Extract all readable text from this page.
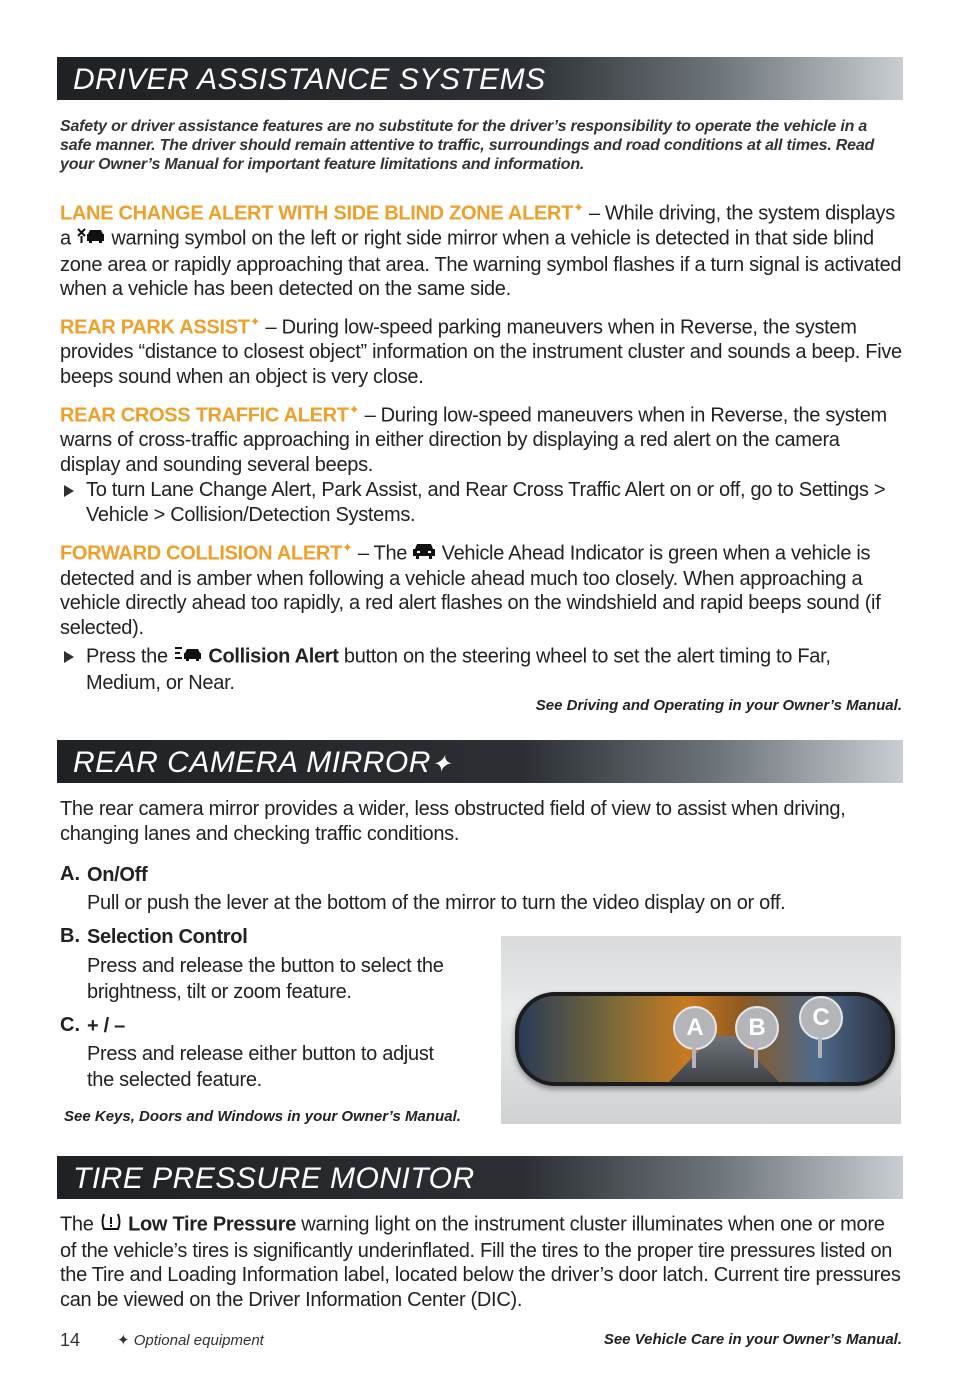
DRIVER ASSISTANCE SYSTEMS
Safety or driver assistance features are no substitute for the driver’s responsibility to operate the vehicle in a safe manner. The driver should remain attentive to traffic, surroundings and road conditions at all times. Read your Owner’s Manual for important feature limitations and information.
LANE CHANGE ALERT WITH SIDE BLIND ZONE ALERT✦ – While driving, the system displays a  warning symbol on the left or right side mirror when a vehicle is detected in that side blind zone area or rapidly approaching that area. The warning symbol flashes if a turn signal is activated when a vehicle has been detected on the same side.
REAR PARK ASSIST✦ – During low-speed parking maneuvers when in Reverse, the system provides “distance to closest object” information on the instrument cluster and sounds a beep. Five beeps sound when an object is very close.
REAR CROSS TRAFFIC ALERT✦ – During low-speed maneuvers when in Reverse, the system warns of cross-traffic approaching in either direction by displaying a red alert on the camera display and sounding several beeps.
To turn Lane Change Alert, Park Assist, and Rear Cross Traffic Alert on or off, go to Settings > Vehicle > Collision/Detection Systems.
FORWARD COLLISION ALERT✦ – The  Vehicle Ahead Indicator is green when a vehicle is detected and is amber when following a vehicle ahead much too closely. When approaching a vehicle directly ahead too rapidly, a red alert flashes on the windshield and rapid beeps sound (if selected).
Press the  Collision Alert button on the steering wheel to set the alert timing to Far, Medium, or Near.
See Driving and Operating in your Owner’s Manual.
REAR CAMERA MIRROR✦
The rear camera mirror provides a wider, less obstructed field of view to assist when driving, changing lanes and checking traffic conditions.
A. On/Off
Pull or push the lever at the bottom of the mirror to turn the video display on or off.
B. Selection Control
Press and release the button to select the brightness, tilt or zoom feature.
C. + / –
Press and release either button to adjust the selected feature.
See Keys, Doors and Windows in your Owner’s Manual.
A	B	C
TIRE PRESSURE MONITOR
The  Low Tire Pressure warning light on the instrument cluster illuminates when one or more of the vehicle’s tires is significantly underinflated. Fill the tires to the proper tire pressures listed on the Tire and Loading Information label, located below the driver’s door latch. Current tire pressures can be viewed on the Driver Information Center (DIC).
See Vehicle Care in your Owner’s Manual.
14 ✦ Optional equipment
